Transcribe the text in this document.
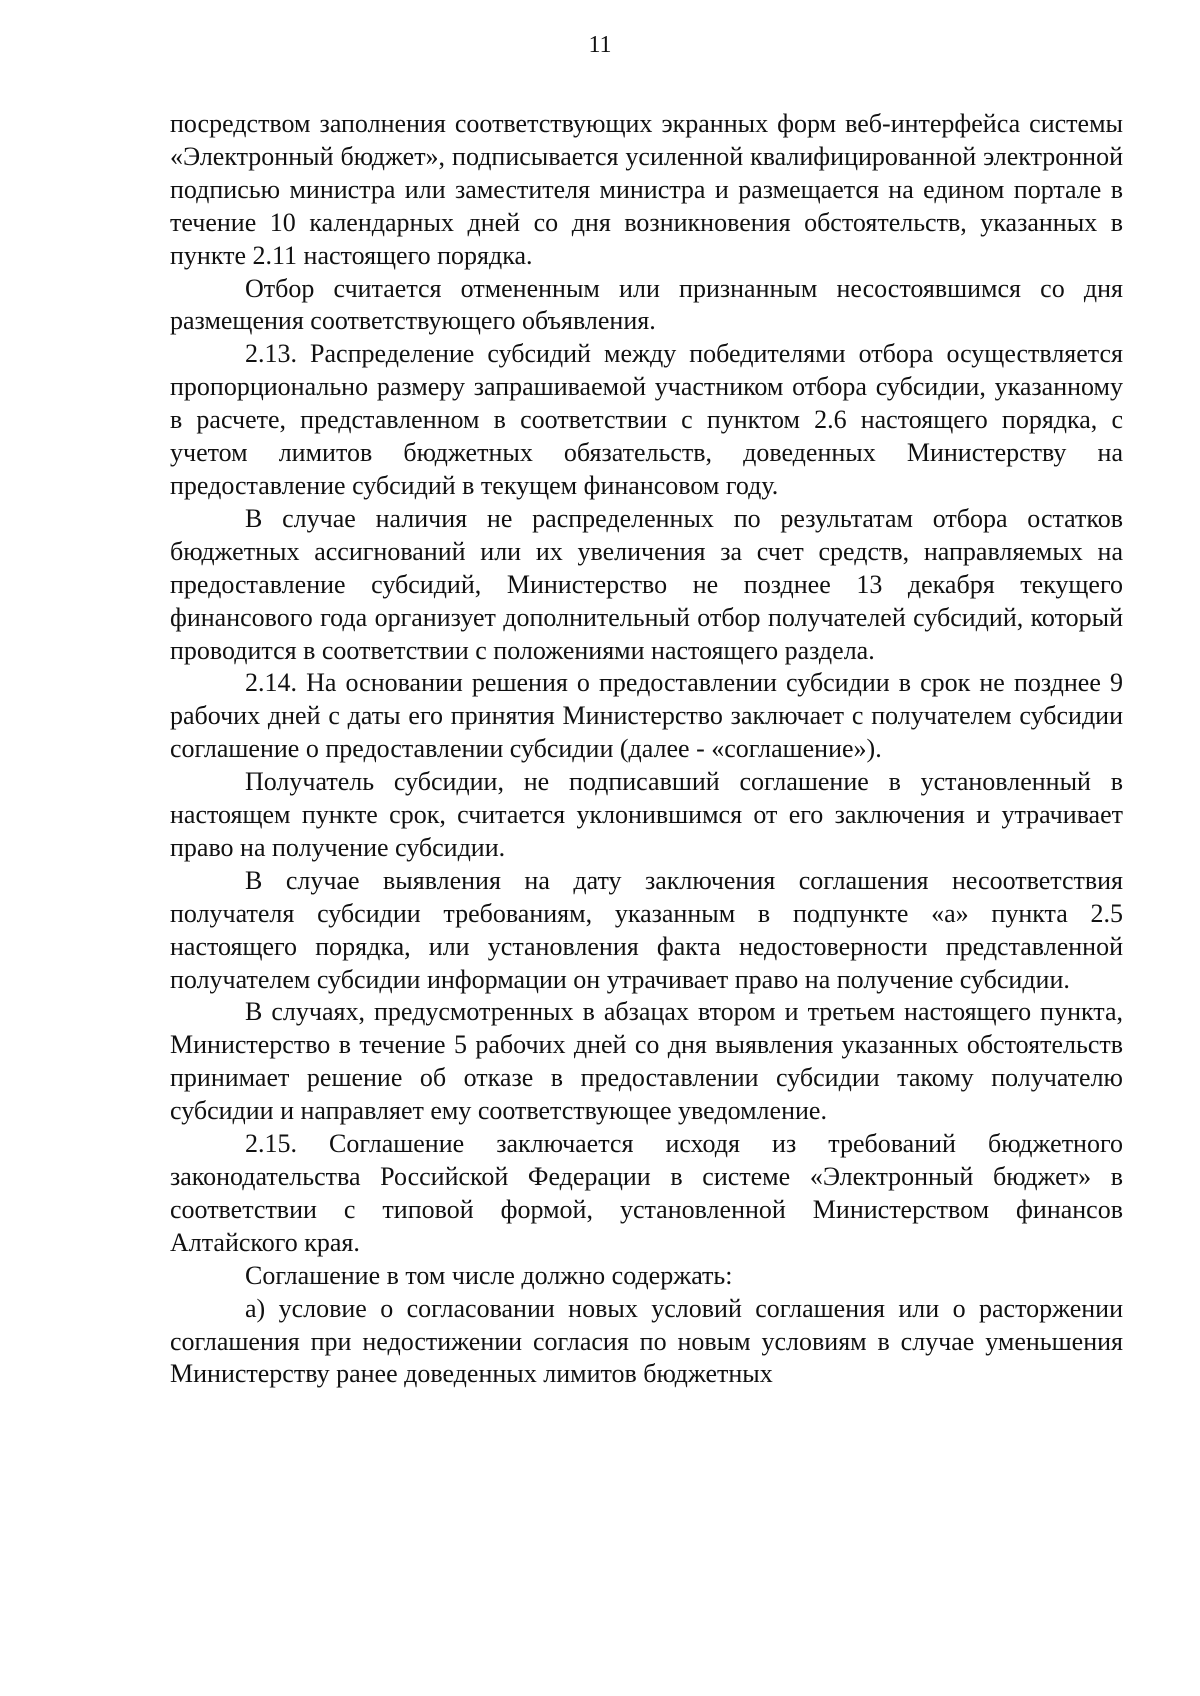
11

посредством заполнения соответствующих экранных форм веб-интерфейса системы «Электронный бюджет», подписывается усиленной квалифицированной электронной подписью министра или заместителя министра и размещается на едином портале в течение 10 календарных дней со дня возникновения обстоятельств, указанных в пункте 2.11 настоящего порядка.

Отбор считается отмененным или признанным несостоявшимся со дня размещения соответствующего объявления.

2.13. Распределение субсидий между победителями отбора осуществляется пропорционально размеру запрашиваемой участником отбора субсидии, указанному в расчете, представленном в соответствии с пунктом 2.6 настоящего порядка, с учетом лимитов бюджетных обязательств, доведенных Министерству на предоставление субсидий в текущем финансовом году.

В случае наличия не распределенных по результатам отбора остатков бюджетных ассигнований или их увеличения за счет средств, направляемых на предоставление субсидий, Министерство не позднее 13 декабря текущего финансового года организует дополнительный отбор получателей субсидий, который проводится в соответствии с положениями настоящего раздела.

2.14. На основании решения о предоставлении субсидии в срок не позднее 9 рабочих дней с даты его принятия Министерство заключает с получателем субсидии соглашение о предоставлении субсидии (далее - «соглашение»).

Получатель субсидии, не подписавший соглашение в установленный в настоящем пункте срок, считается уклонившимся от его заключения и утрачивает право на получение субсидии.

В случае выявления на дату заключения соглашения несоответствия получателя субсидии требованиям, указанным в подпункте «а» пункта 2.5 настоящего порядка, или установления факта недостоверности представленной получателем субсидии информации он утрачивает право на получение субсидии.

В случаях, предусмотренных в абзацах втором и третьем настоящего пункта, Министерство в течение 5 рабочих дней со дня выявления указанных обстоятельств принимает решение об отказе в предоставлении субсидии такому получателю субсидии и направляет ему соответствующее уведомление.

2.15. Соглашение заключается исходя из требований бюджетного законодательства Российской Федерации в системе «Электронный бюджет» в соответствии с типовой формой, установленной Министерством финансов Алтайского края.

Соглашение в том числе должно содержать:

а) условие о согласовании новых условий соглашения или о расторжении соглашения при недостижении согласия по новым условиям в случае уменьшения Министерству ранее доведенных лимитов бюджетных
